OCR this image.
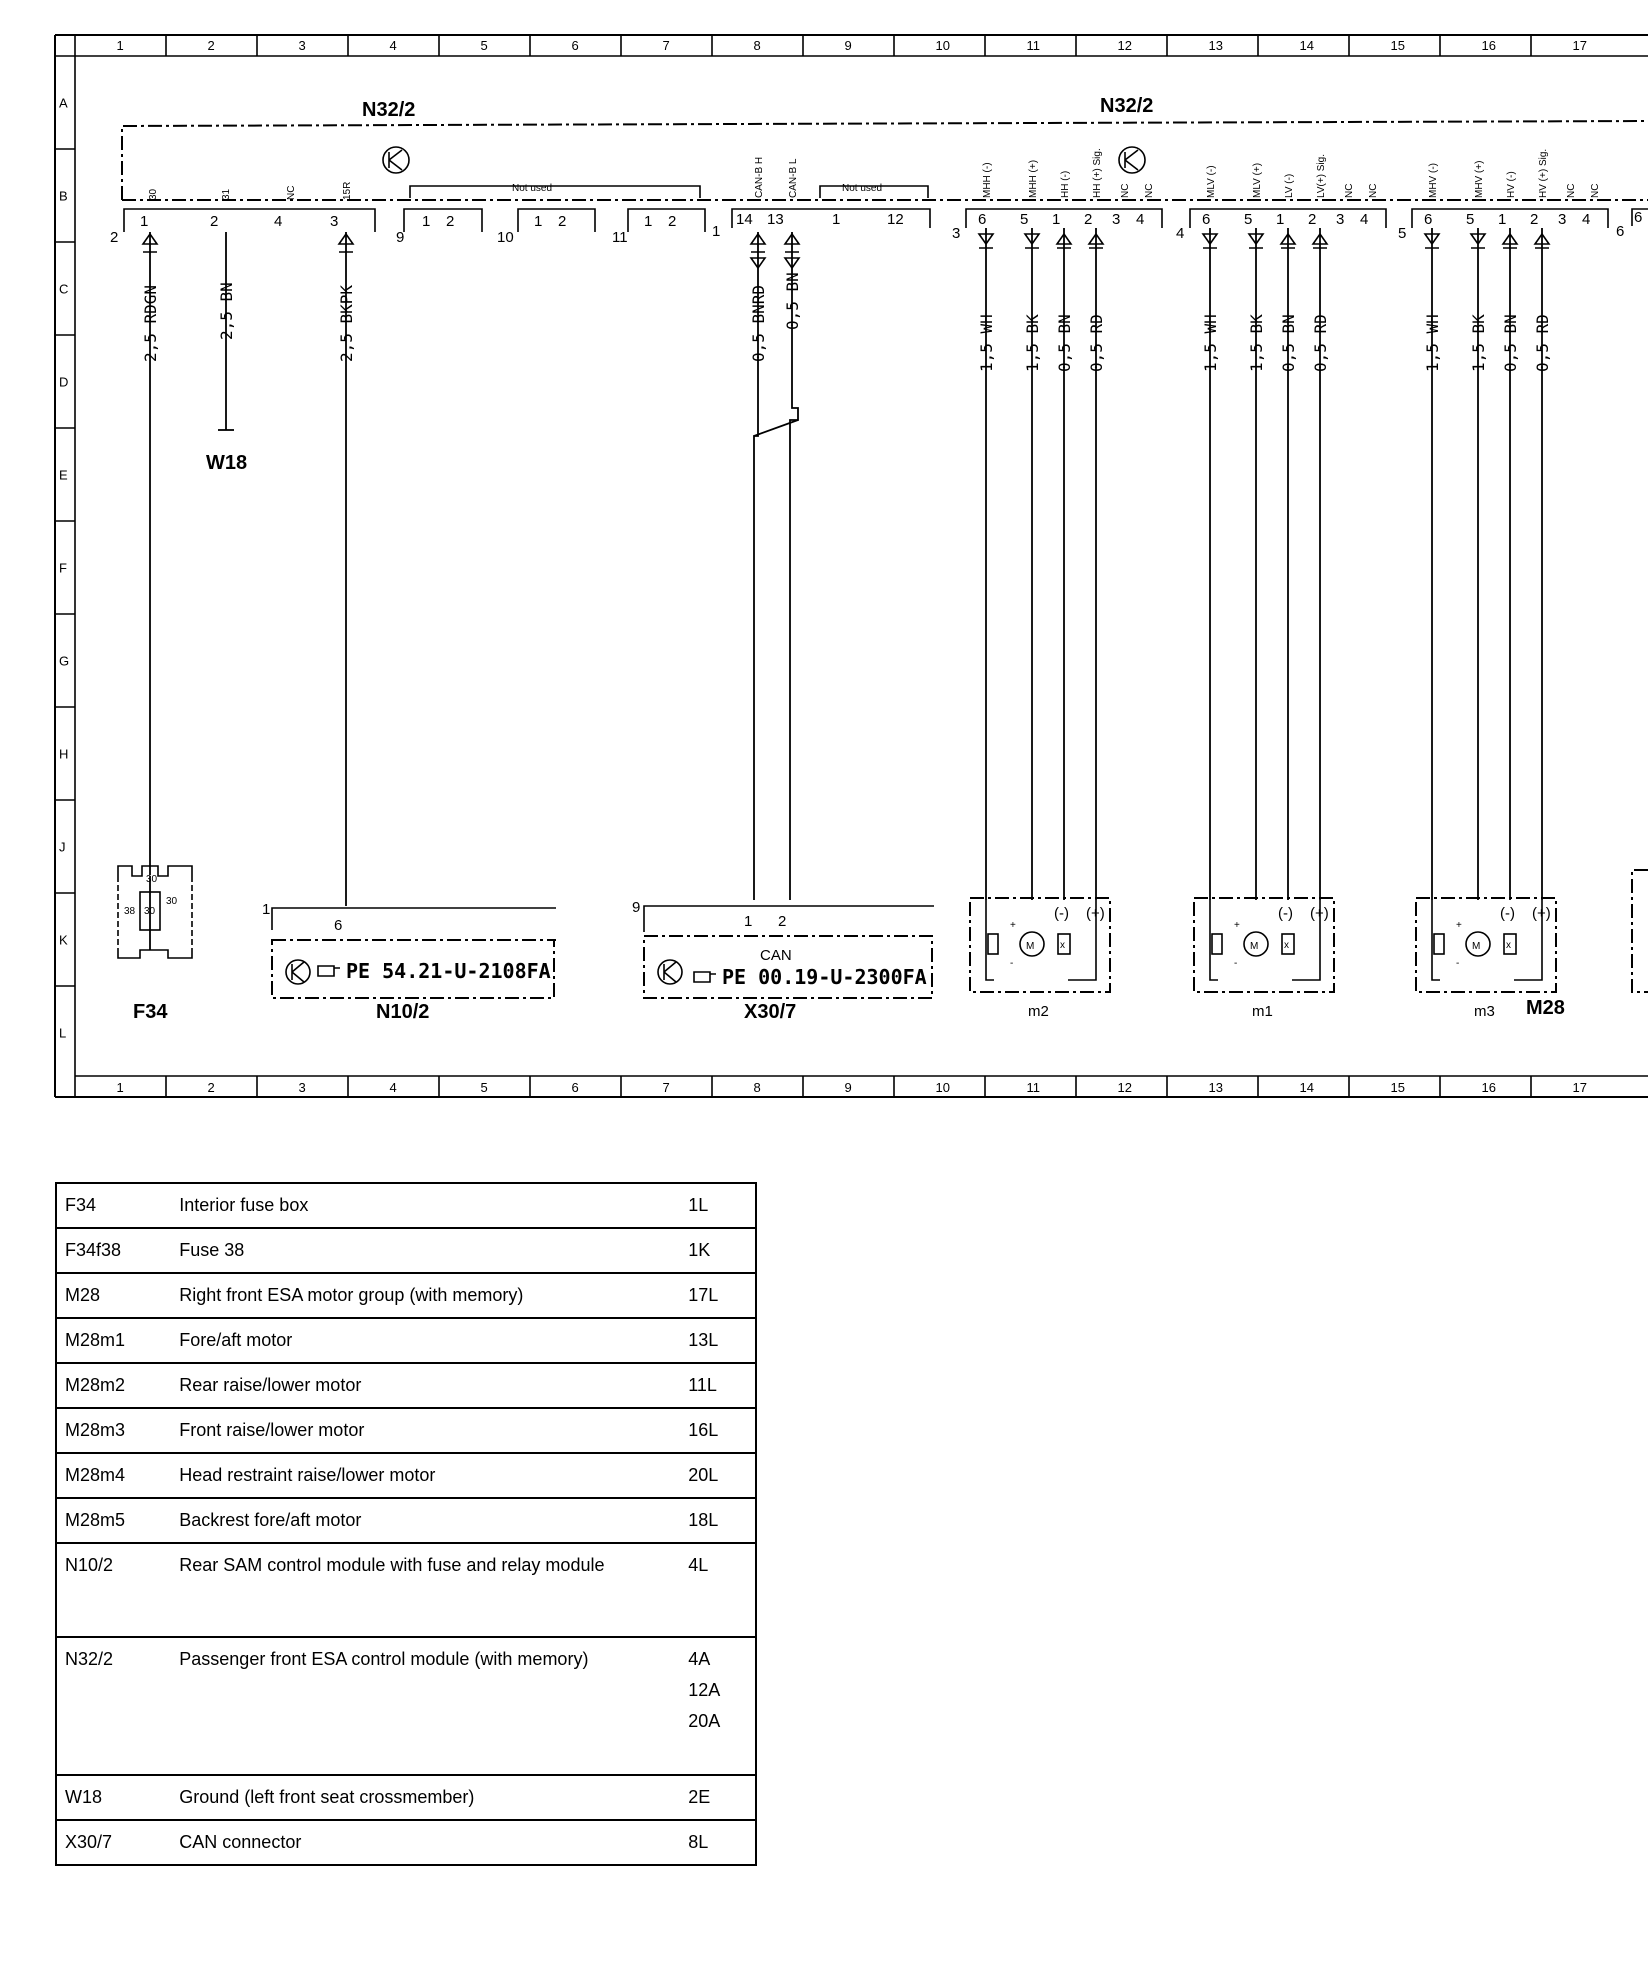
1	2	3	4	5	6	7	8	9	10	11	12	13	14	15	16	17
1	2	3	4	5	6	7	8	9	10	11	12	13	14	15	16	17
A
B
C
D
E
F
G
H
J
K
L
N32/2	N32/2
2
1	2	4	3
30	31	NC	15R
9
1 2
10
1 2
11
1 2
Not used
1
14 13	1	12
CAN-B H CAN-B L	Not used
3
6 5 1 2 3 4
MHH (-)	MHH (+) HH (-) HH (+) Sig. NC NC
4
6 5 1 2 3 4
MLV (-)	MLV (+) LV (-) LV(+) Sig. NC NC
5
6 5 1 2 3 4
MHV (-)	MHV (+) HV (-) HV (+) Sig. NC NC
6
6
2,5 RDGN	2,5 BN
W18
2,5 BKPK	0,5 BNRD 0,5 BN
1,5 WH 1,5 BK 0,5 BN 0,5 RD	1,5 WH 1,5 BK 0,5 BN 0,5 RD	1,5 WH 1,5 BK 0,5 BN 0,5 RD
30
38 30
30
F34
1
6
PE 54.21-U-2108FA
N10/2
9
1 2
CAN
PE 00.19-U-2300FA
X30/7
M
+
-
x
(-) (+)
m2
M
+
-
x
(-) (+)
m1
M
+
-
x
(-) (+)
m3 M28
F34	Interior fuse box	1L

F34f38	Fuse 38	1K

M28	Right front ESA motor group (with memory)	17L

M28m1	Fore/aft motor	13L

M28m2	Rear raise/lower motor	11L

M28m3	Front raise/lower motor	16L

M28m4	Head restraint raise/lower motor	20L

M28m5	Backrest fore/aft motor	18L

N10/2	Rear SAM control module with fuse and relay module	4L

N32/2	Passenger front ESA control module (with memory)	4A
12A
20A

W18	Ground (left front seat crossmember)	2E

X30/7	CAN connector	8L
